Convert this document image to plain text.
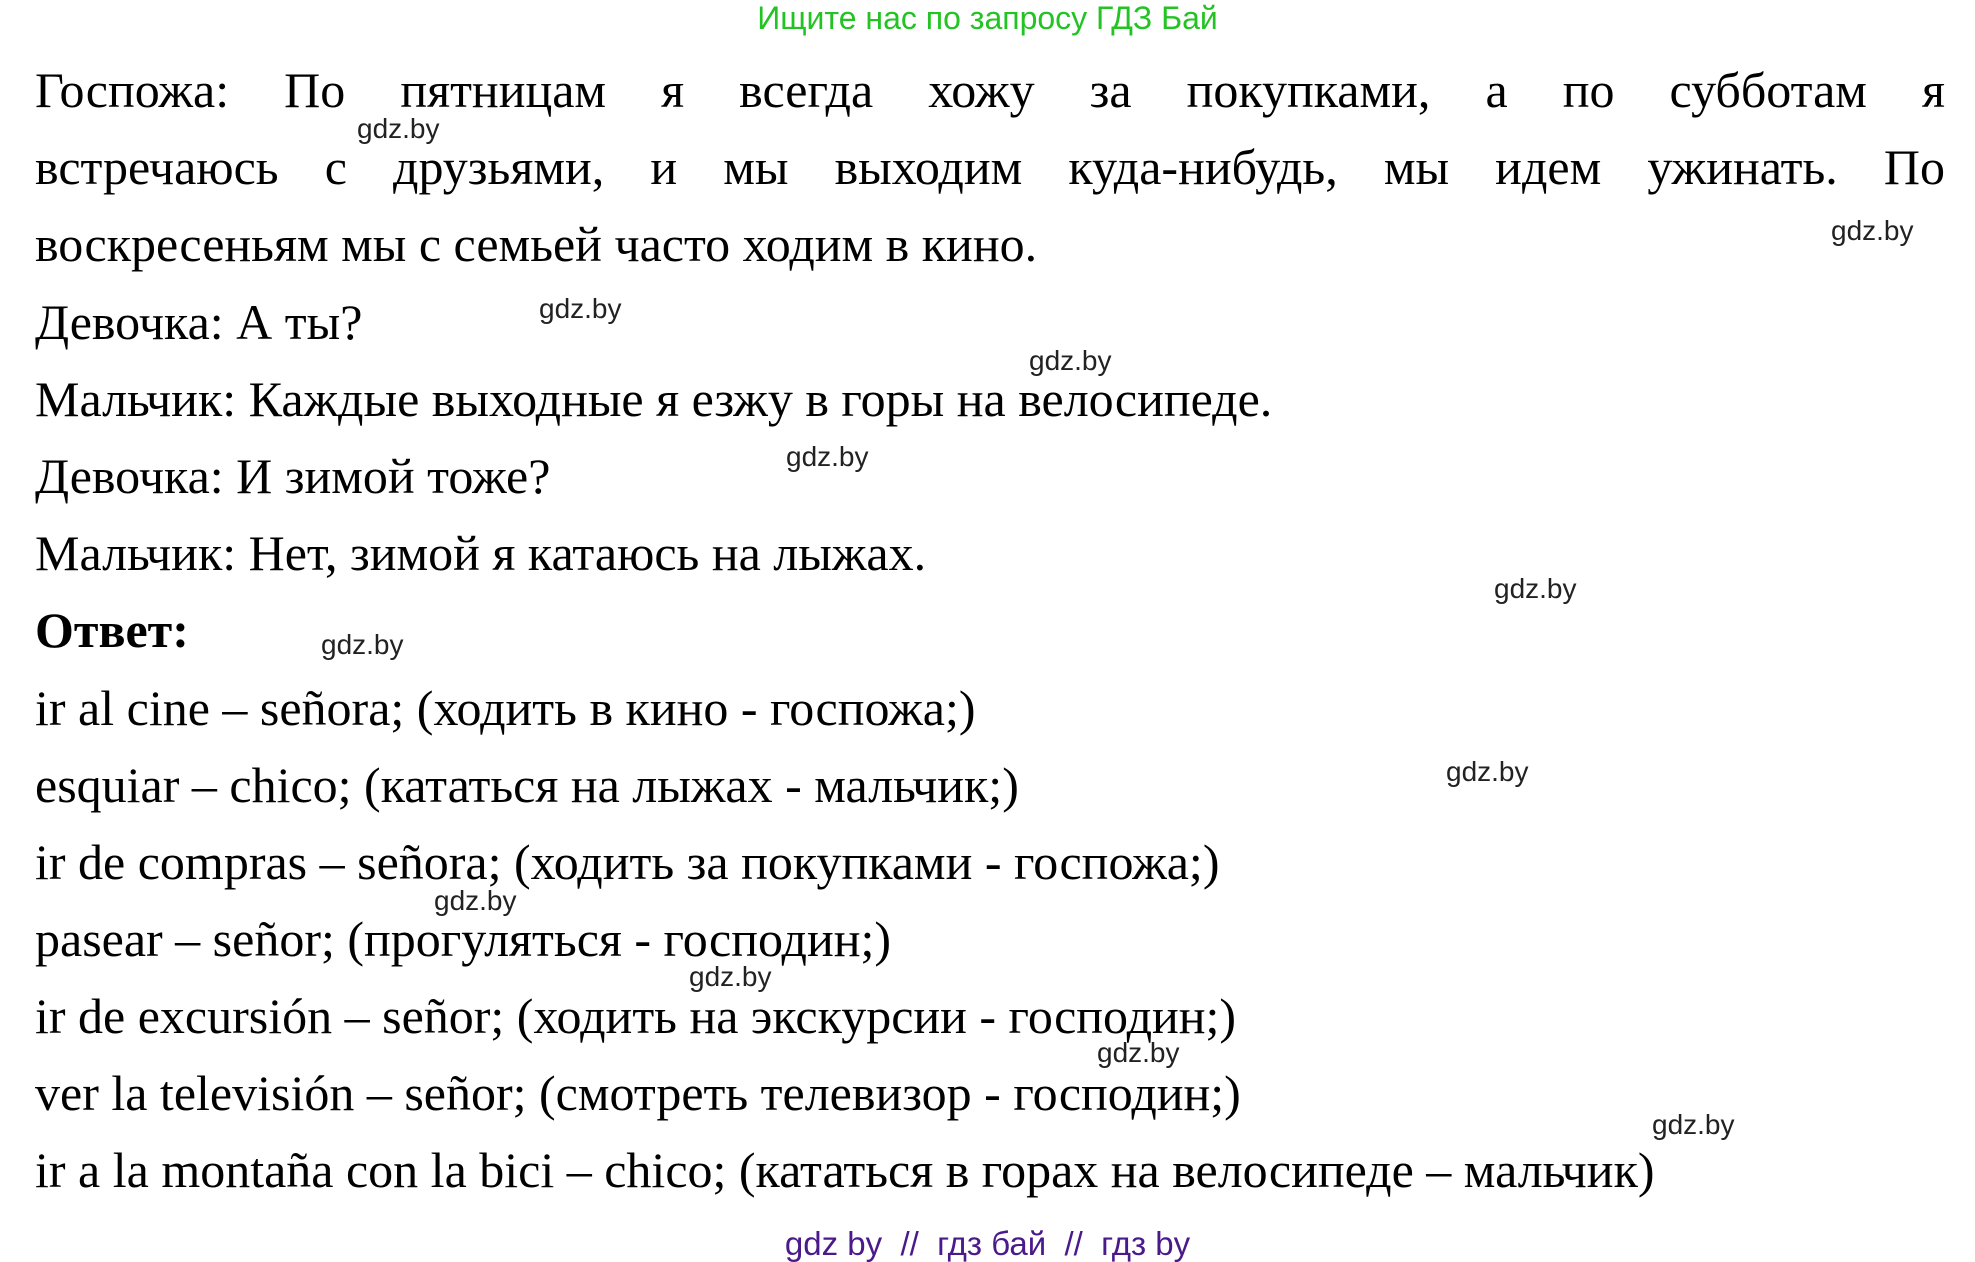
Ищите нас по запросу ГДЗ Бай
Госпожа: По пятницам я всегда хожу за покупками, а по субботам я
встречаюсь с друзьями, и мы выходим куда-нибудь, мы идем ужинать. По
воскресеньям мы с семьей часто ходим в кино.
Девочка: А ты?
Мальчик: Каждые выходные я езжу в горы на велосипеде.
Девочка: И зимой тоже?
Мальчик: Нет, зимой я катаюсь на лыжах.
Ответ:
ir al cine – señora; (ходить в кино - госпожа;)
esquiar – chico; (кататься на лыжах - мальчик;)
ir de compras – señora; (ходить за покупками - госпожа;)
pasear – señor; (прогуляться - господин;)
ir de excursión – señor; (ходить на экскурсии - господин;)
ver la televisión – señor; (смотреть телевизор - господин;)
ir a la montaña con la bici – chico; (кататься в горах на велосипеде – мальчик)
gdz.by
gdz.by
gdz.by
gdz.by
gdz.by
gdz.by
gdz.by
gdz.by
gdz.by
gdz.by
gdz.by
gdz.by
gdz by  //  гдз бай  //  гдз by
